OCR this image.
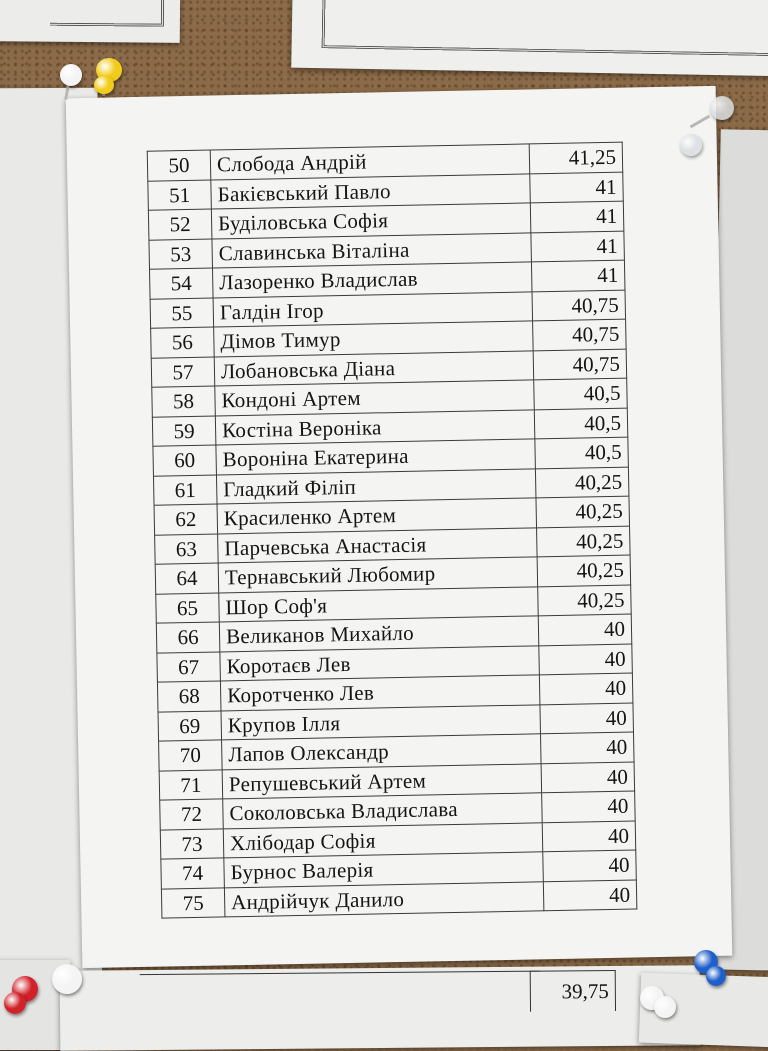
50	Слобода Андрій	41,25
51	Бакієвський Павло	41
52	Буділовська Софія	41
53	Славинська Віталіна	41
54	Лазоренко Владислав	41
55	Галдін Ігор	40,75
56	Дімов Тимур	40,75
57	Лобановська Діана	40,75
58	Кондоні Артем	40,5
59	Костіна Вероніка	40,5
60	Вороніна Екатерина	40,5
61	Гладкий Філіп	40,25
62	Красиленко Артем	40,25
63	Парчевська Анастасія	40,25
64	Тернавський Любомир	40,25
65	Шор Соф'я	40,25
66	Великанов Михайло	40
67	Коротаєв Лев	40
68	Коротченко Лев	40
69	Крупов Ілля	40
70	Лапов Олександр	40
71	Репушевський Артем	40
72	Соколовська Владислава	40
73	Хлібодар Софія	40
74	Бурнос Валерія	40
75	Андрійчук Данило	40
39,75
